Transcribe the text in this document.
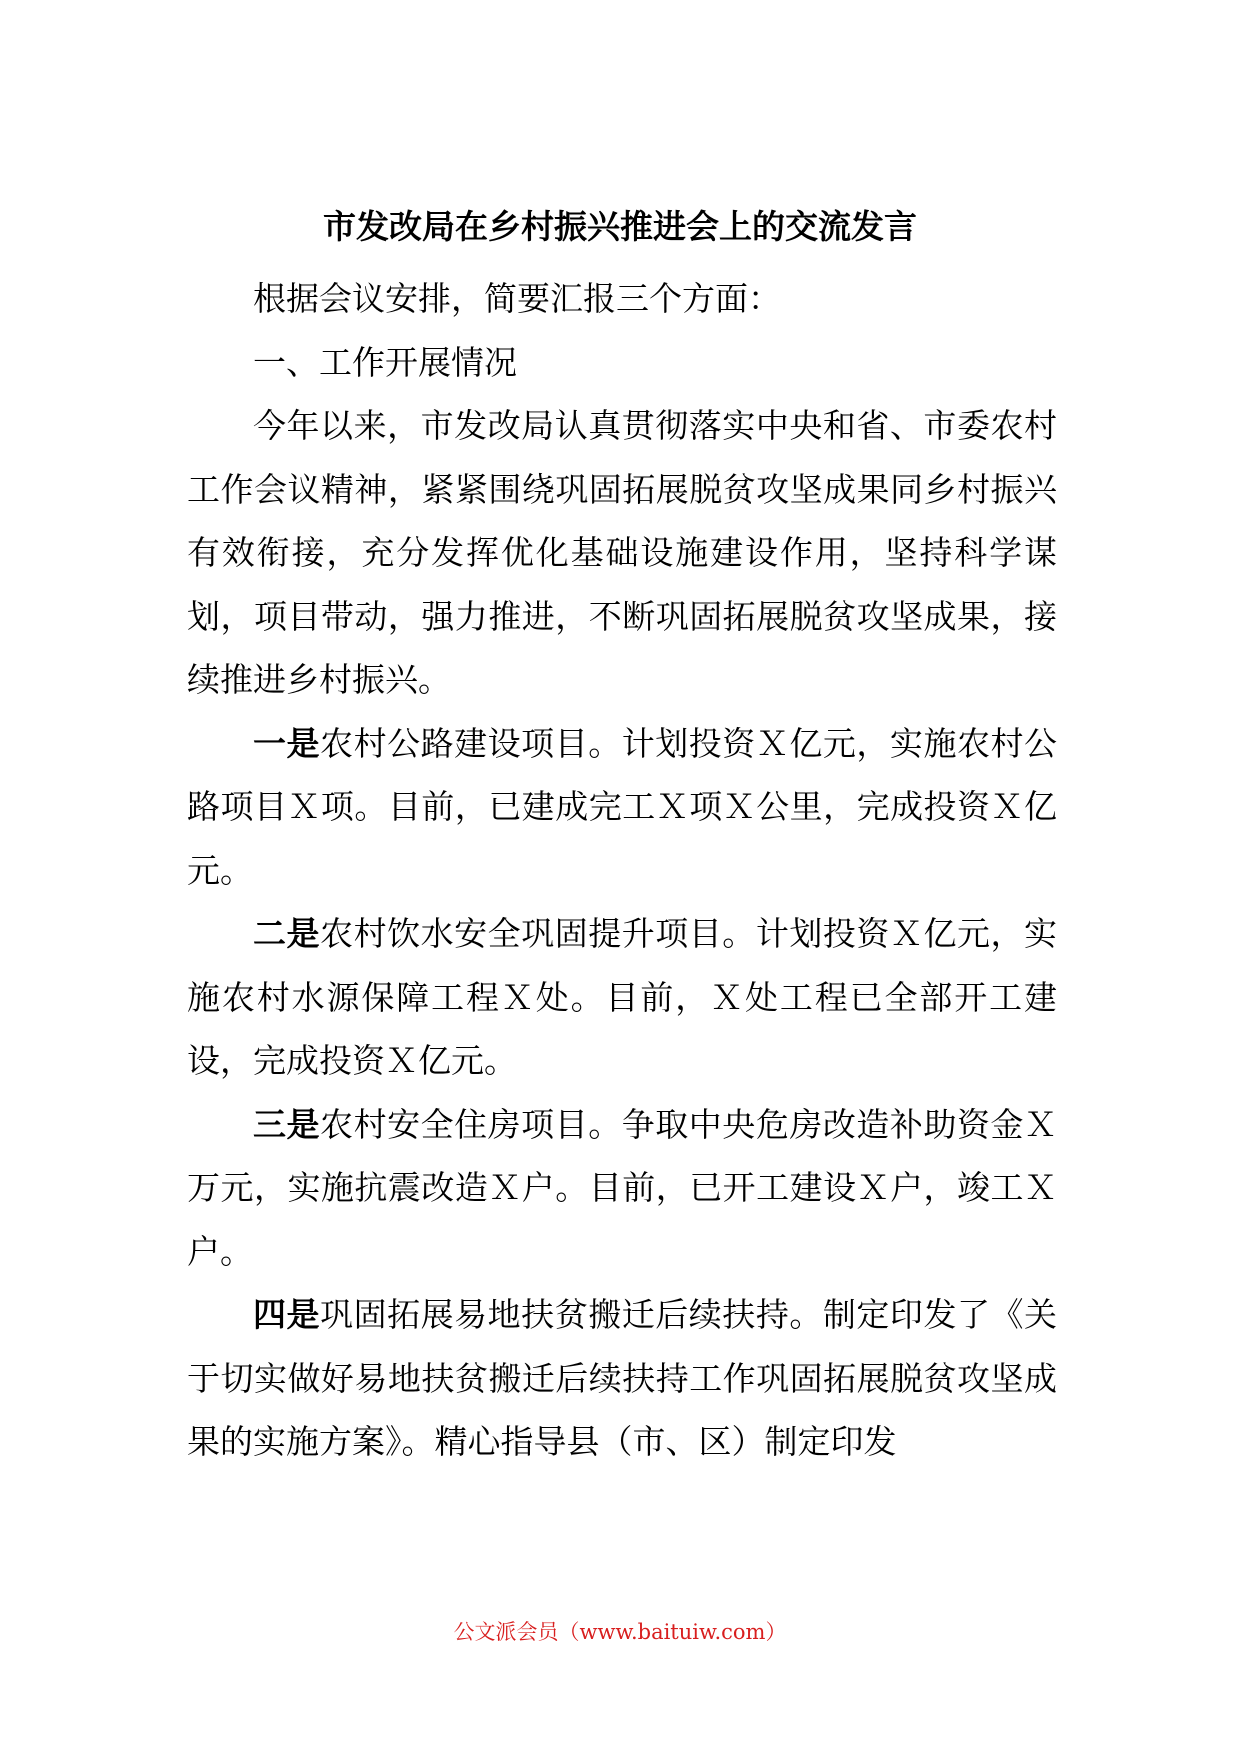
市发改局在乡村振兴推进会上的交流发言

根据会议安排，简要汇报三个方面：

一、工作开展情况

今年以来，市发改局认真贯彻落实中央和省、市委农村工作会议精神，紧紧围绕巩固拓展脱贫攻坚成果同乡村振兴有效衔接，充分发挥优化基础设施建设作用，坚持科学谋划，项目带动，强力推进，不断巩固拓展脱贫攻坚成果，接续推进乡村振兴。

一是农村公路建设项目。计划投资Ｘ亿元，实施农村公路项目Ｘ项。目前，已建成完工Ｘ项Ｘ公里，完成投资Ｘ亿元。

二是农村饮水安全巩固提升项目。计划投资Ｘ亿元，实施农村水源保障工程Ｘ处。目前，Ｘ处工程已全部开工建设，完成投资Ｘ亿元。

三是农村安全住房项目。争取中央危房改造补助资金Ｘ万元，实施抗震改造Ｘ户。目前，已开工建设Ｘ户，竣工Ｘ户。

四是巩固拓展易地扶贫搬迁后续扶持。制定印发了《关于切实做好易地扶贫搬迁后续扶持工作巩固拓展脱贫攻坚成果的实施方案》。精心指导县（市、区）制定印发

公文派会员（www.baituiw.com）
